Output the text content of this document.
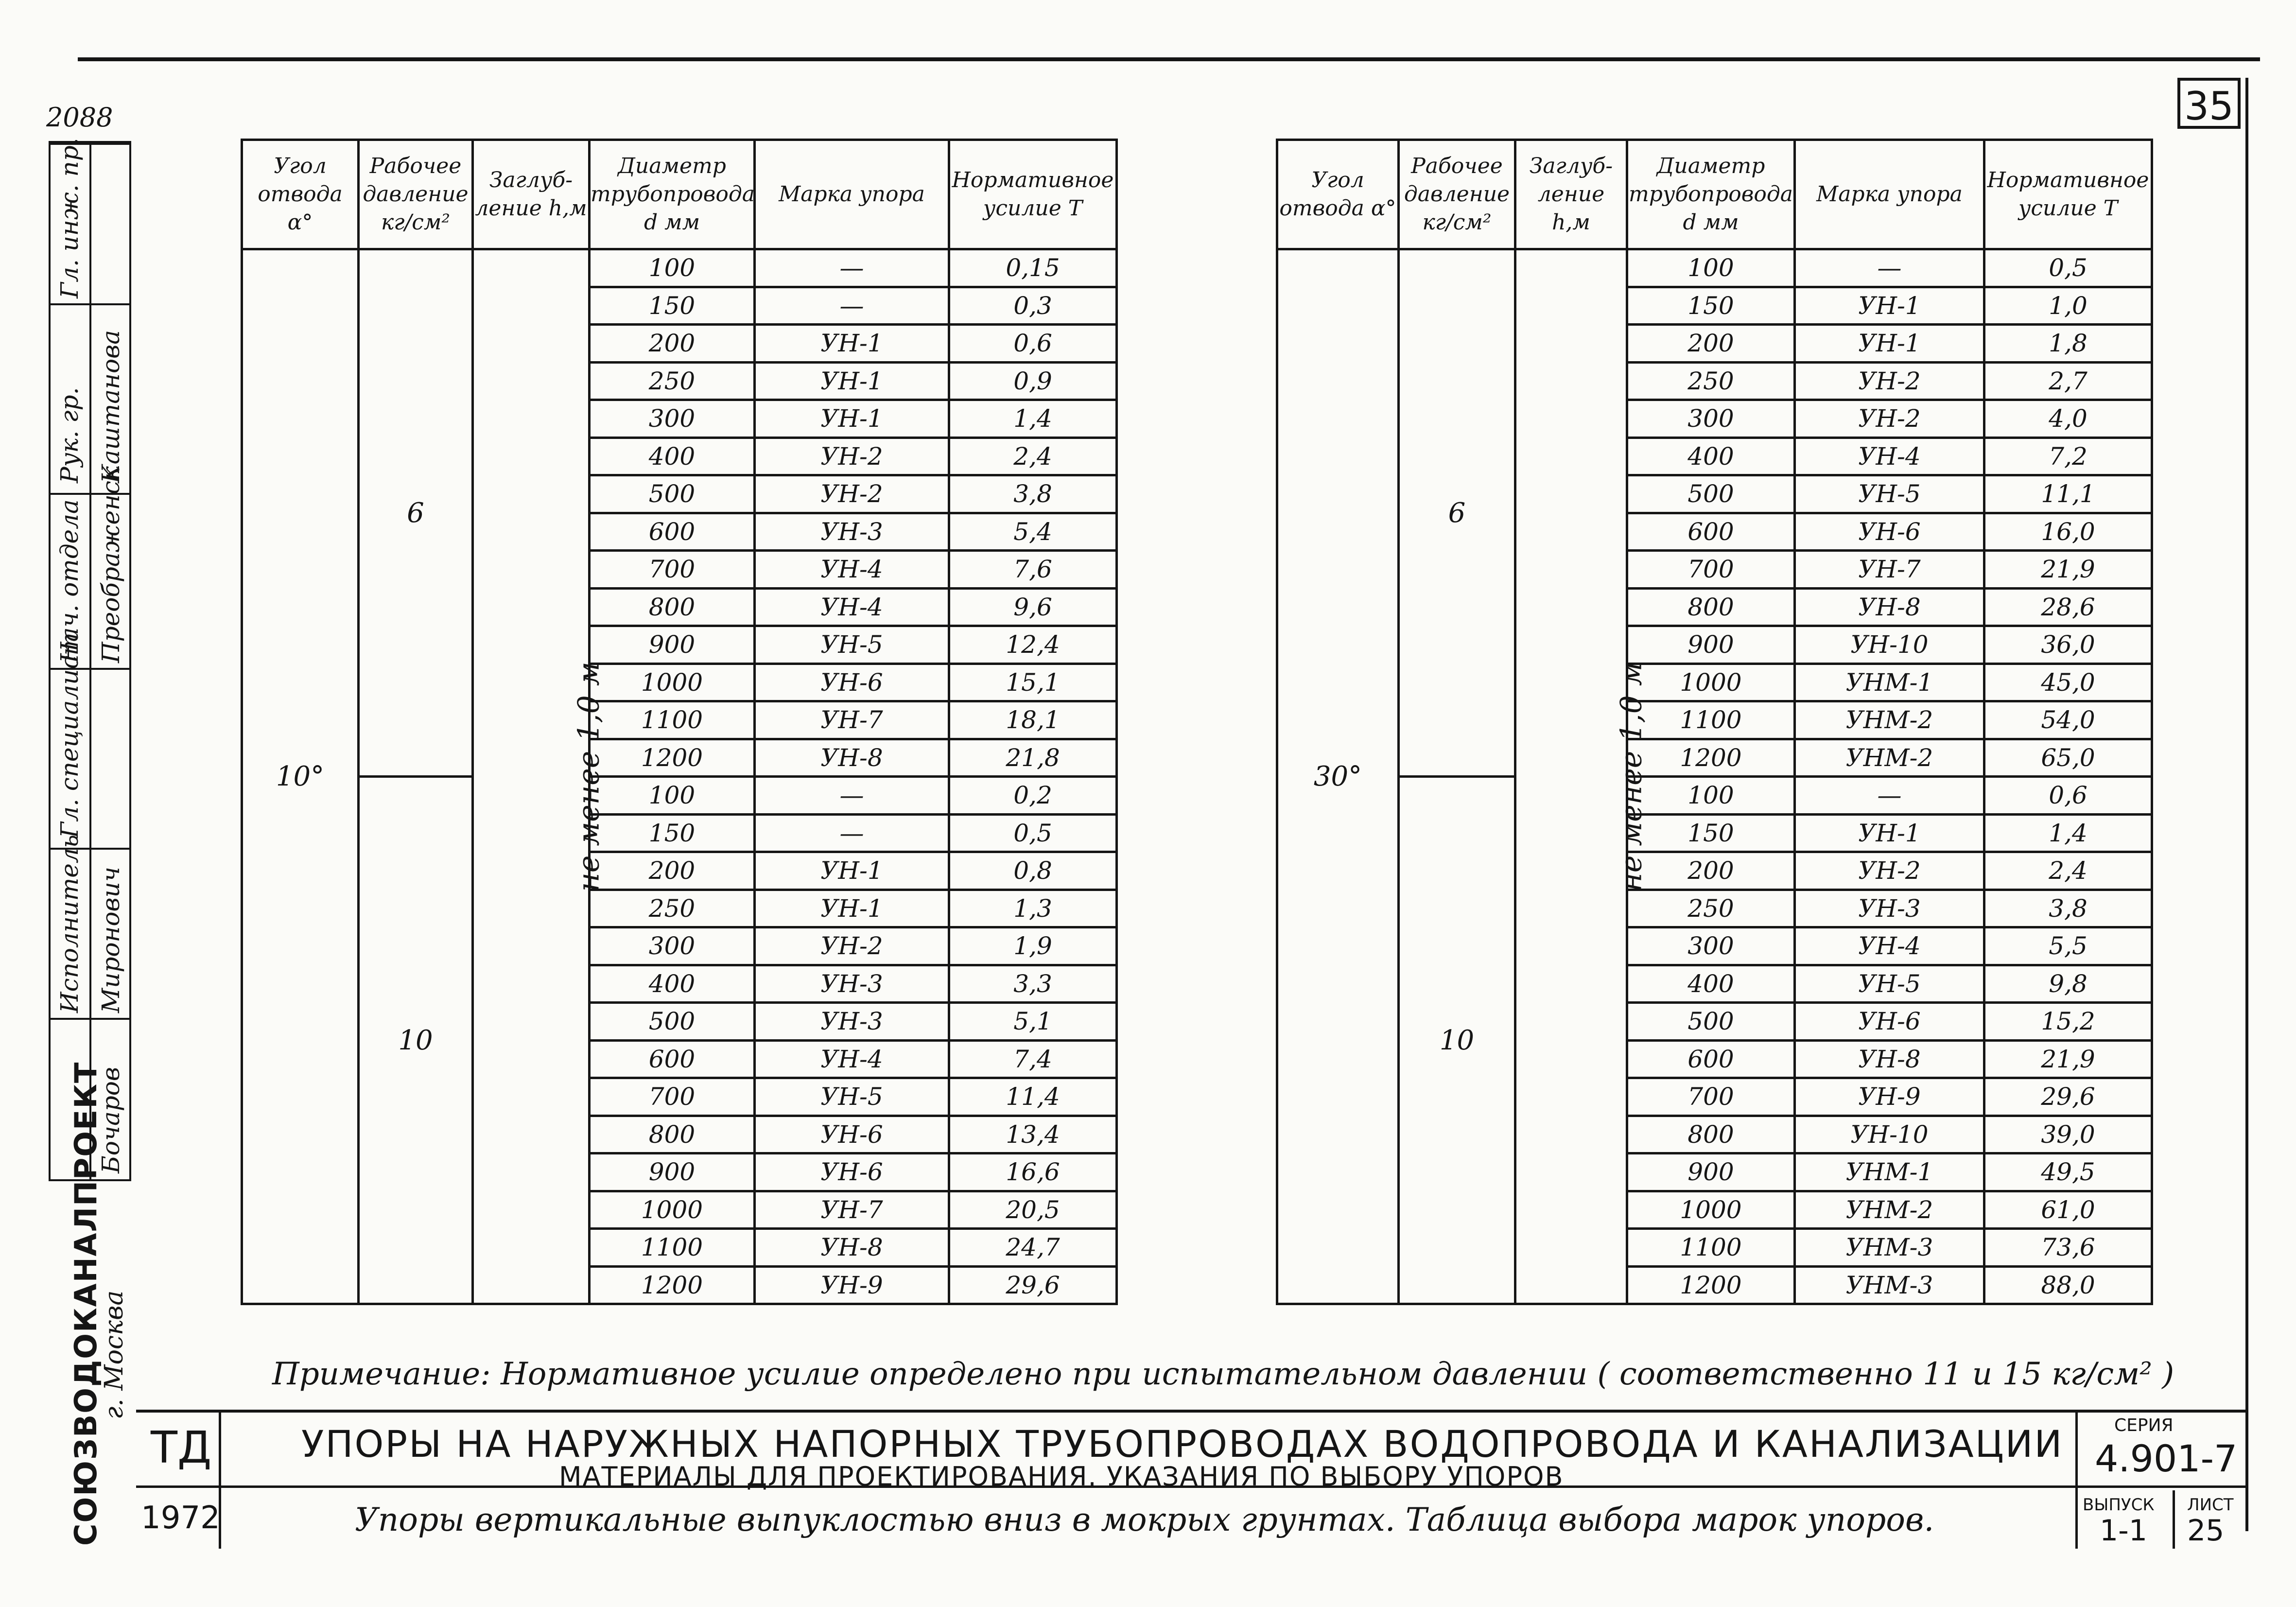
35
2088
Гл. инж. пр.
Рук. гр.
Нач. отдела
Гл. специалист
Исполнитель
Каштанова
Преображенск
Миронович
Бочаров
СОЮЗВОДОКАНАЛПРОЕКТ
г. Москва
Угол отвода α°	Рабочее давление кг/см²	Заглуб- ление h,м	Диаметр трубопровода d мм	Марка упора	Нормативное усилие Т
10°	6	не менее 1,0 м	100	—	0,15
			150	—	0,3
			200	УН-1	0,6
			250	УН-1	0,9
			300	УН-1	1,4
			400	УН-2	2,4
			500	УН-2	3,8
			600	УН-3	5,4
			700	УН-4	7,6
			800	УН-4	9,6
			900	УН-5	12,4
			1000	УН-6	15,1
			1100	УН-7	18,1
			1200	УН-8	21,8
	10		100	—	0,2
			150	—	0,5
			200	УН-1	0,8
			250	УН-1	1,3
			300	УН-2	1,9
			400	УН-3	3,3
			500	УН-3	5,1
			600	УН-4	7,4
			700	УН-5	11,4
			800	УН-6	13,4
			900	УН-6	16,6
			1000	УН-7	20,5
			1100	УН-8	24,7
			1200	УН-9	29,6
Угол отвода α°	Рабочее давление кг/см²	Заглуб- ление h,м	Диаметр трубопровода d мм	Марка упора	Нормативное усилие Т
30°	6	не менее 1,0 м	100	—	0,5
			150	УН-1	1,0
			200	УН-1	1,8
			250	УН-2	2,7
			300	УН-2	4,0
			400	УН-4	7,2
			500	УН-5	11,1
			600	УН-6	16,0
			700	УН-7	21,9
			800	УН-8	28,6
			900	УН-10	36,0
			1000	УНМ-1	45,0
			1100	УНМ-2	54,0
			1200	УНМ-2	65,0
	10		100	—	0,6
			150	УН-1	1,4
			200	УН-2	2,4
			250	УН-3	3,8
			300	УН-4	5,5
			400	УН-5	9,8
			500	УН-6	15,2
			600	УН-8	21,9
			700	УН-9	29,6
			800	УН-10	39,0
			900	УНМ-1	49,5
			1000	УНМ-2	61,0
			1100	УНМ-3	73,6
			1200	УНМ-3	88,0
Примечание: Нормативное усилие определено при испытательном давлении ( соответственно 11 и 15 кг/см² )
ТД
1972
УПОРЫ НА НАРУЖНЫХ НАПОРНЫХ ТРУБОПРОВОДАХ ВОДОПРОВОДА И КАНАЛИЗАЦИИ
МАТЕРИАЛЫ ДЛЯ ПРОЕКТИРОВАНИЯ. УКАЗАНИЯ ПО ВЫБОРУ УПОРОВ
Упоры вертикальные выпуклостью вниз в мокрых грунтах. Таблица выбора марок упоров.
СЕРИЯ
4.901-7
ВЫПУСК
1-1
ЛИСТ
25
